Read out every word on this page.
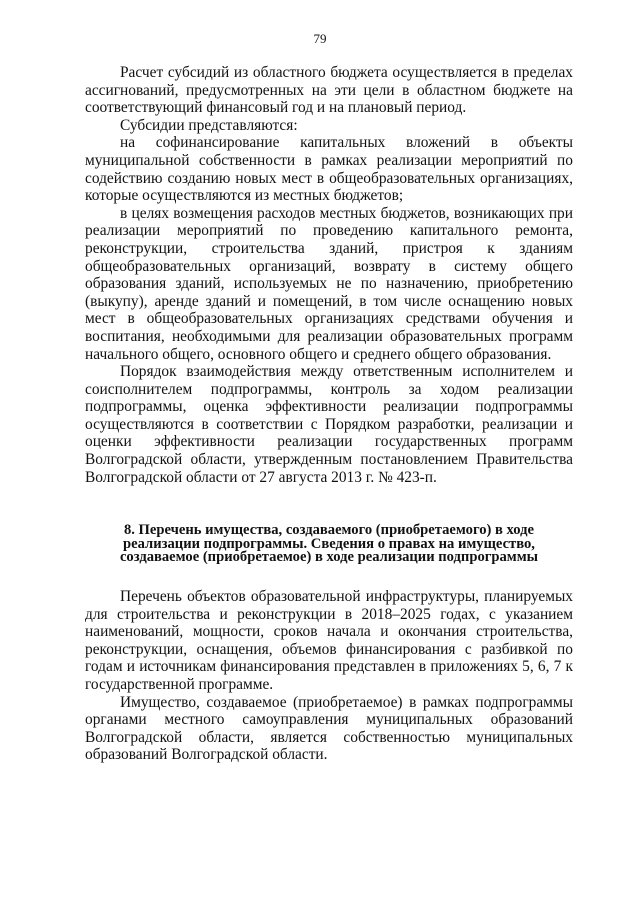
79

Расчет субсидий из областного бюджета осуществляется в пределах ассигнований, предусмотренных на эти цели в областном бюджете на соответствующий финансовый год и на плановый период.

Субсидии представляются:

на софинансирование капитальных вложений в объекты муниципальной собственности в рамках реализации мероприятий по содействию созданию новых мест в общеобразовательных организациях, которые осуществляются из местных бюджетов;

в целях возмещения расходов местных бюджетов, возникающих при реализации мероприятий по проведению капитального ремонта, реконструкции, строительства зданий, пристроя к зданиям общеобразовательных организаций, возврату в систему общего образования зданий, используемых не по назначению, приобретению (выкупу), аренде зданий и помещений, в том числе оснащению новых мест в общеобразовательных организациях средствами обучения и воспитания, необходимыми для реализации образовательных программ начального общего, основного общего и среднего общего образования.

Порядок взаимодействия между ответственным исполнителем и соисполнителем подпрограммы, контроль за ходом реализации подпрограммы, оценка эффективности реализации подпрограммы осуществляются в соответствии с Порядком разработки, реализации и оценки эффективности реализации государственных программ Волгоградской области, утвержденным постановлением Правительства Волгоградской области от 27 августа 2013 г. № 423-п.

8. Перечень имущества, создаваемого (приобретаемого) в ходе реализации подпрограммы. Сведения о правах на имущество, создаваемое (приобретаемое) в ходе реализации подпрограммы

Перечень объектов образовательной инфраструктуры, планируемых для строительства и реконструкции в 2018–2025 годах, с указанием наименований, мощности, сроков начала и окончания строительства, реконструкции, оснащения, объемов финансирования с разбивкой по годам и источникам финансирования представлен в приложениях 5, 6, 7 к государственной программе.

Имущество, создаваемое (приобретаемое) в рамках подпрограммы органами местного самоуправления муниципальных образований Волгоградской области, является собственностью муниципальных образований Волгоградской области.
